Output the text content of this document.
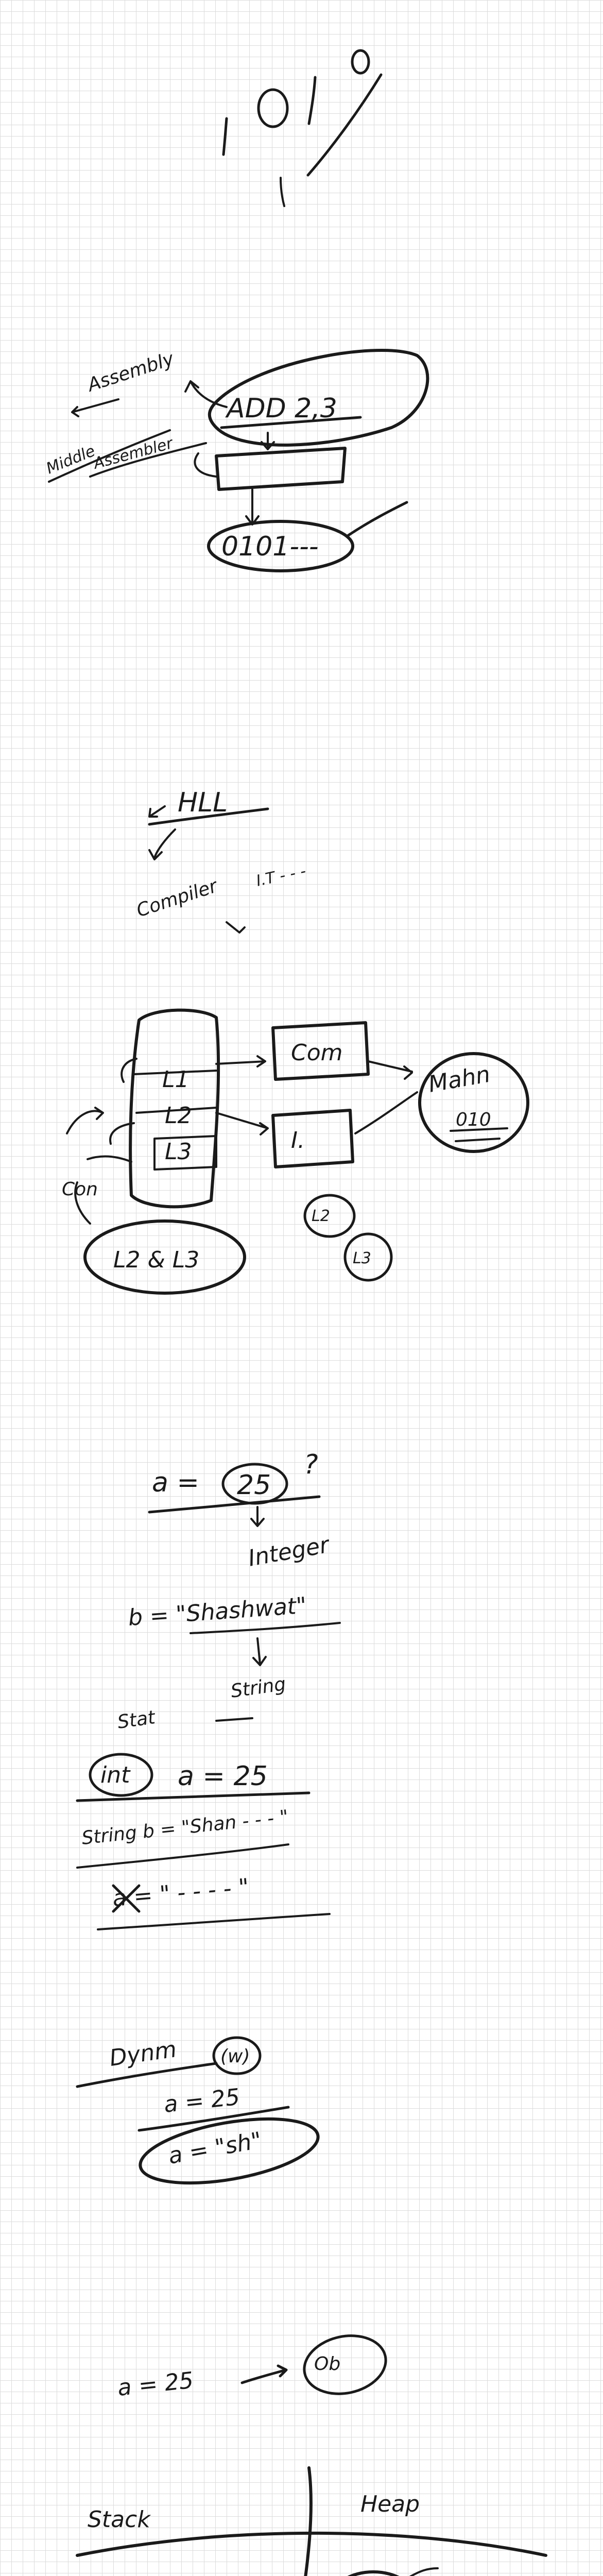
Assembly
Middle
Assembler
ADD 2,3
0101---
HLL
Compiler I.T - - -
L1
L2
L3
Con
L2 & L3
Com
I.
Mahn
010
L2
L3
a = 25
?
Integer
b = "Shashwat"
String
Stat
int a = 25
String b = "Shan - - - "
a = " - - - - "
Dynm (w)
a = 25
a = "sh"
a = 25
Ob
Stack
Heap
